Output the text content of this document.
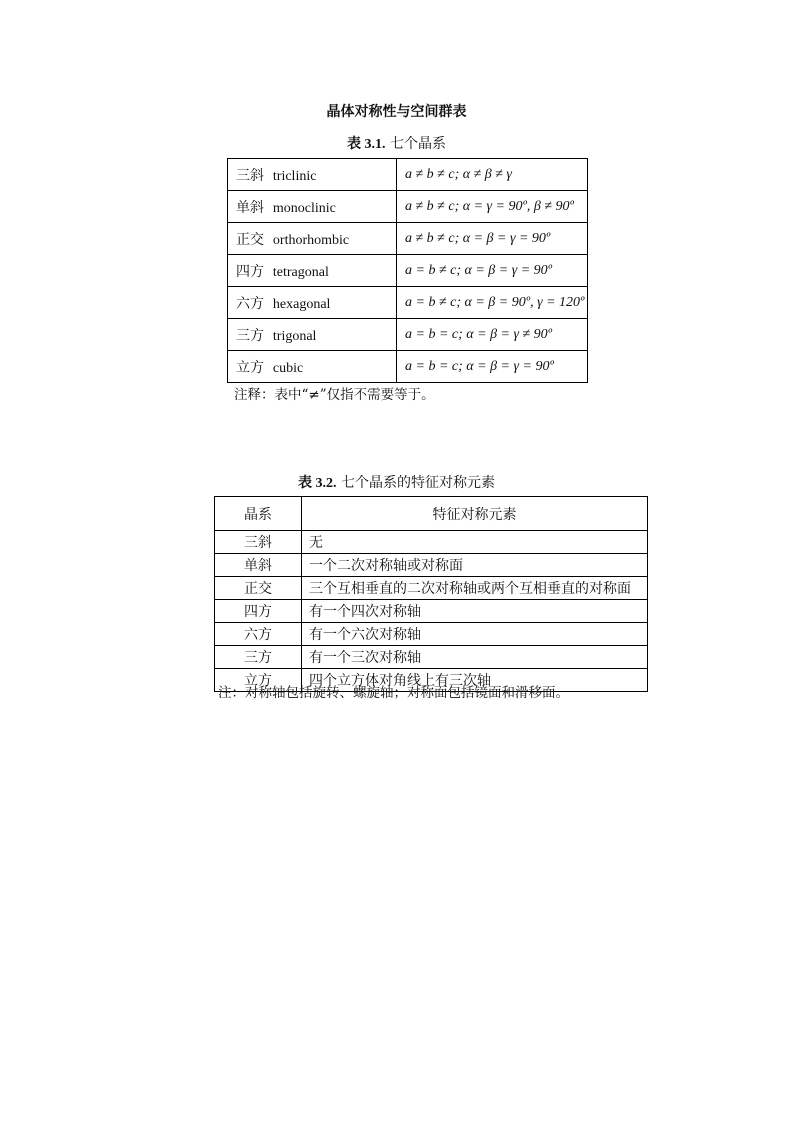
晶体对称性与空间群表
表 3.1. 七个晶系
三斜 triclinic	a ≠ b ≠ c; α ≠ β ≠ γ
单斜 monoclinic	a ≠ b ≠ c; α = γ = 90º, β ≠ 90º
正交 orthorhombic	a ≠ b ≠ c; α = β = γ = 90º
四方 tetragonal	a = b ≠ c; α = β = γ = 90º
六方 hexagonal	a = b ≠ c; α = β = 90º, γ = 120º
三方 trigonal	a = b = c; α = β = γ ≠ 90º
立方 cubic	a = b = c; α = β = γ = 90º
注释：表中“≠”仅指不需要等于。
表 3.2. 七个晶系的特征对称元素
晶系	特征对称元素
三斜	无
单斜	一个二次对称轴或对称面
正交	三个互相垂直的二次对称轴或两个互相垂直的对称面
四方	有一个四次对称轴
六方	有一个六次对称轴
三方	有一个三次对称轴
立方	四个立方体对角线上有三次轴
注：对称轴包括旋转、螺旋轴；对称面包括镜面和滑移面。
